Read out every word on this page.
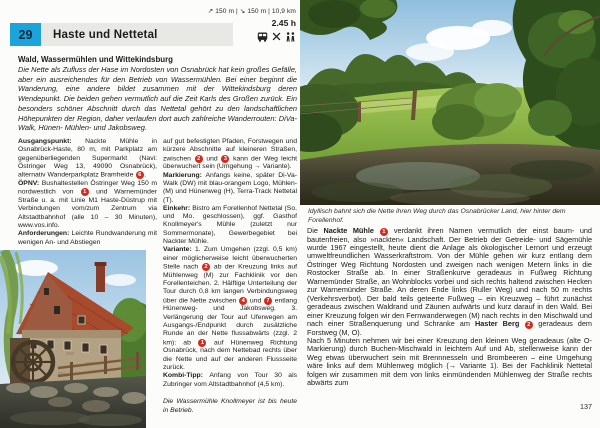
↗ 150 m | ↘ 150 m | 10,9 km
2.45 h
29	Haste und Nettetal
Wald, Wassermühlen und Wittekindsburg
Die Nette als Zufluss der Hase im Nordosten von Osnabrück hat kein großes Gefälle, aber ein ausreichendes für den Betrieb von Wassermühlen. Bei einer beginnt die Wanderung, eine andere bildet zusammen mit der Wittekindsburg deren Wendepunkt. Die beiden gehen vermutlich auf die Zeit Karls des Großen zurück. Ein besonders schöner Abschnitt durch das Nettetal gehört zu den landschaftlichen Höhepunkten der Region, daher verlaufen dort auch zahlreiche Wanderrouten: DiVa-Walk, Hünen- Mühlen- und Jakobsweg.

Ausgangspunkt: Nackte Mühle in Osnabrück-Haste, 80 m, mit Parkplatz am gegenüberliegenden Supermarkt (Navi: Östringer Weg 13, 49090 Osnabrück), alternativ Wanderparkplatz Bramheide 6 .

ÖPNV: Bushaltestellen Östringer Weg 150 m nordwestlich von 1 und Warnemünder Straße u. a. mit Linie M1 Haste-Düstrup mit Verbindungen vom/zum Zentrum via Altstadtbahnhof (alle 10 – 30 Minuten), www.vos.info.

Anforderungen: Leichte Rundwanderung mit wenigen An- und Abstiegen

auf gut befestigten Pfaden, Forstwegen und kürzere Abschnitte auf kleineren Straßen, zwischen 2 und 3 kann der Weg leicht überwuchert sein (Umgehung → Variante).

Markierung: Anfangs keine, später Di-Va-Walk (DW) mit blau-orangem Logo, Mühlen- (M) und Hünenweg (H), Terra-Track Nettetal (T).

Einkehr: Bistro am Forellenhof Nettetal (So. und Mo. geschlossen), ggf. Gasthof Knollmeyer's Mühle (zuletzt nur Sommermonate), Gewerbegebiet bei Nackter Mühle.

Variante: 1. Zum Umgehen (zzgl. 0,5 km) einer möglicherweise leicht überwucherten Stelle nach 2 ab der Kreuzung links auf Mühlenweg (M) zur Fachklinik vor den Forellenteichen. 2. Hälftige Unterteilung der Tour durch 0,8 km langen Verbindungsweg über die Nette zwischen 4 und 7 entlang Hünenweg- und Jakobsweg. 3. Verlängerung der Tour auf Uferwegen am Ausgangs-/Endpunkt durch zusätzliche Runde an der Nette flussabwärts (zzgl. 2 km): ab 1 auf Hünenweg Richtung Osnabrück, nach dem Nettebad rechts über die Nette und auf der anderen Flussseite zurück.

Kombi-Tipp: Anfang von Tour 30 als Zubringer vom Altstadtbahnhof (4,5 km).

Die Wassermühle Knollmeyer ist bis heute in Betrieb.

Idyllisch bahnt sich die Nette ihren Weg durch das Osnabrücker Land, hier hinter dem Forellenhof.

Die Nackte Mühle 1 verdankt ihren Namen vermutlich der einst baum- und bautenfreien, also »nackten« Landschaft. Der Betrieb der Getreide- und Sägemühle wurde 1967 eingestellt, heute dient die Anlage als ökologischer Lernort und erzeugt umweltfreundlichen Wasserkraftstrom. Von der Mühle gehen wir kurz entlang dem Östringer Weg Richtung Nordosten und zweigen nach wenigen Metern links in die Rostocker Straße ab. In einer Straßenkurve geradeaus in Fußweg Richtung Warnemünder Straße, an Wohnblocks vorbei und sich rechts haltend zwischen Hecken zur Warnemünder Straße. An deren Ende links (Ruller Weg) und nach 50 m rechts (Verkehrsverbot). Der bald teils geteerte Fußweg – ein Kreuzweg – führt zunächst geradeaus zwischen Waldrand und Zäunen aufwärts und kurz darauf in den Wald. Bei einer Kreuzung folgen wir den Fernwanderwegen (M) nach rechts in den Mischwald und nach einer Straßenquerung und Schranke am Haster Berg 2 geradeaus dem Forstweg (M, O).

Nach 5 Minuten nehmen wir bei einer Kreuzung den kleinen Weg geradeaus (alte O-Markierung) durch Buchen-Mischwald in leichtem Auf und Ab, stellenweise kann der Weg etwas überwuchert sein mit Brennnesseln und Brombeeren – eine Umgehung wäre links auf dem Mühlenweg möglich (→ Variante 1). Bei der Fachklinik Nettetal folgen wir zusammen mit dem von links einmündenden Mühlenweg der Straße rechts abwärts zum

137
